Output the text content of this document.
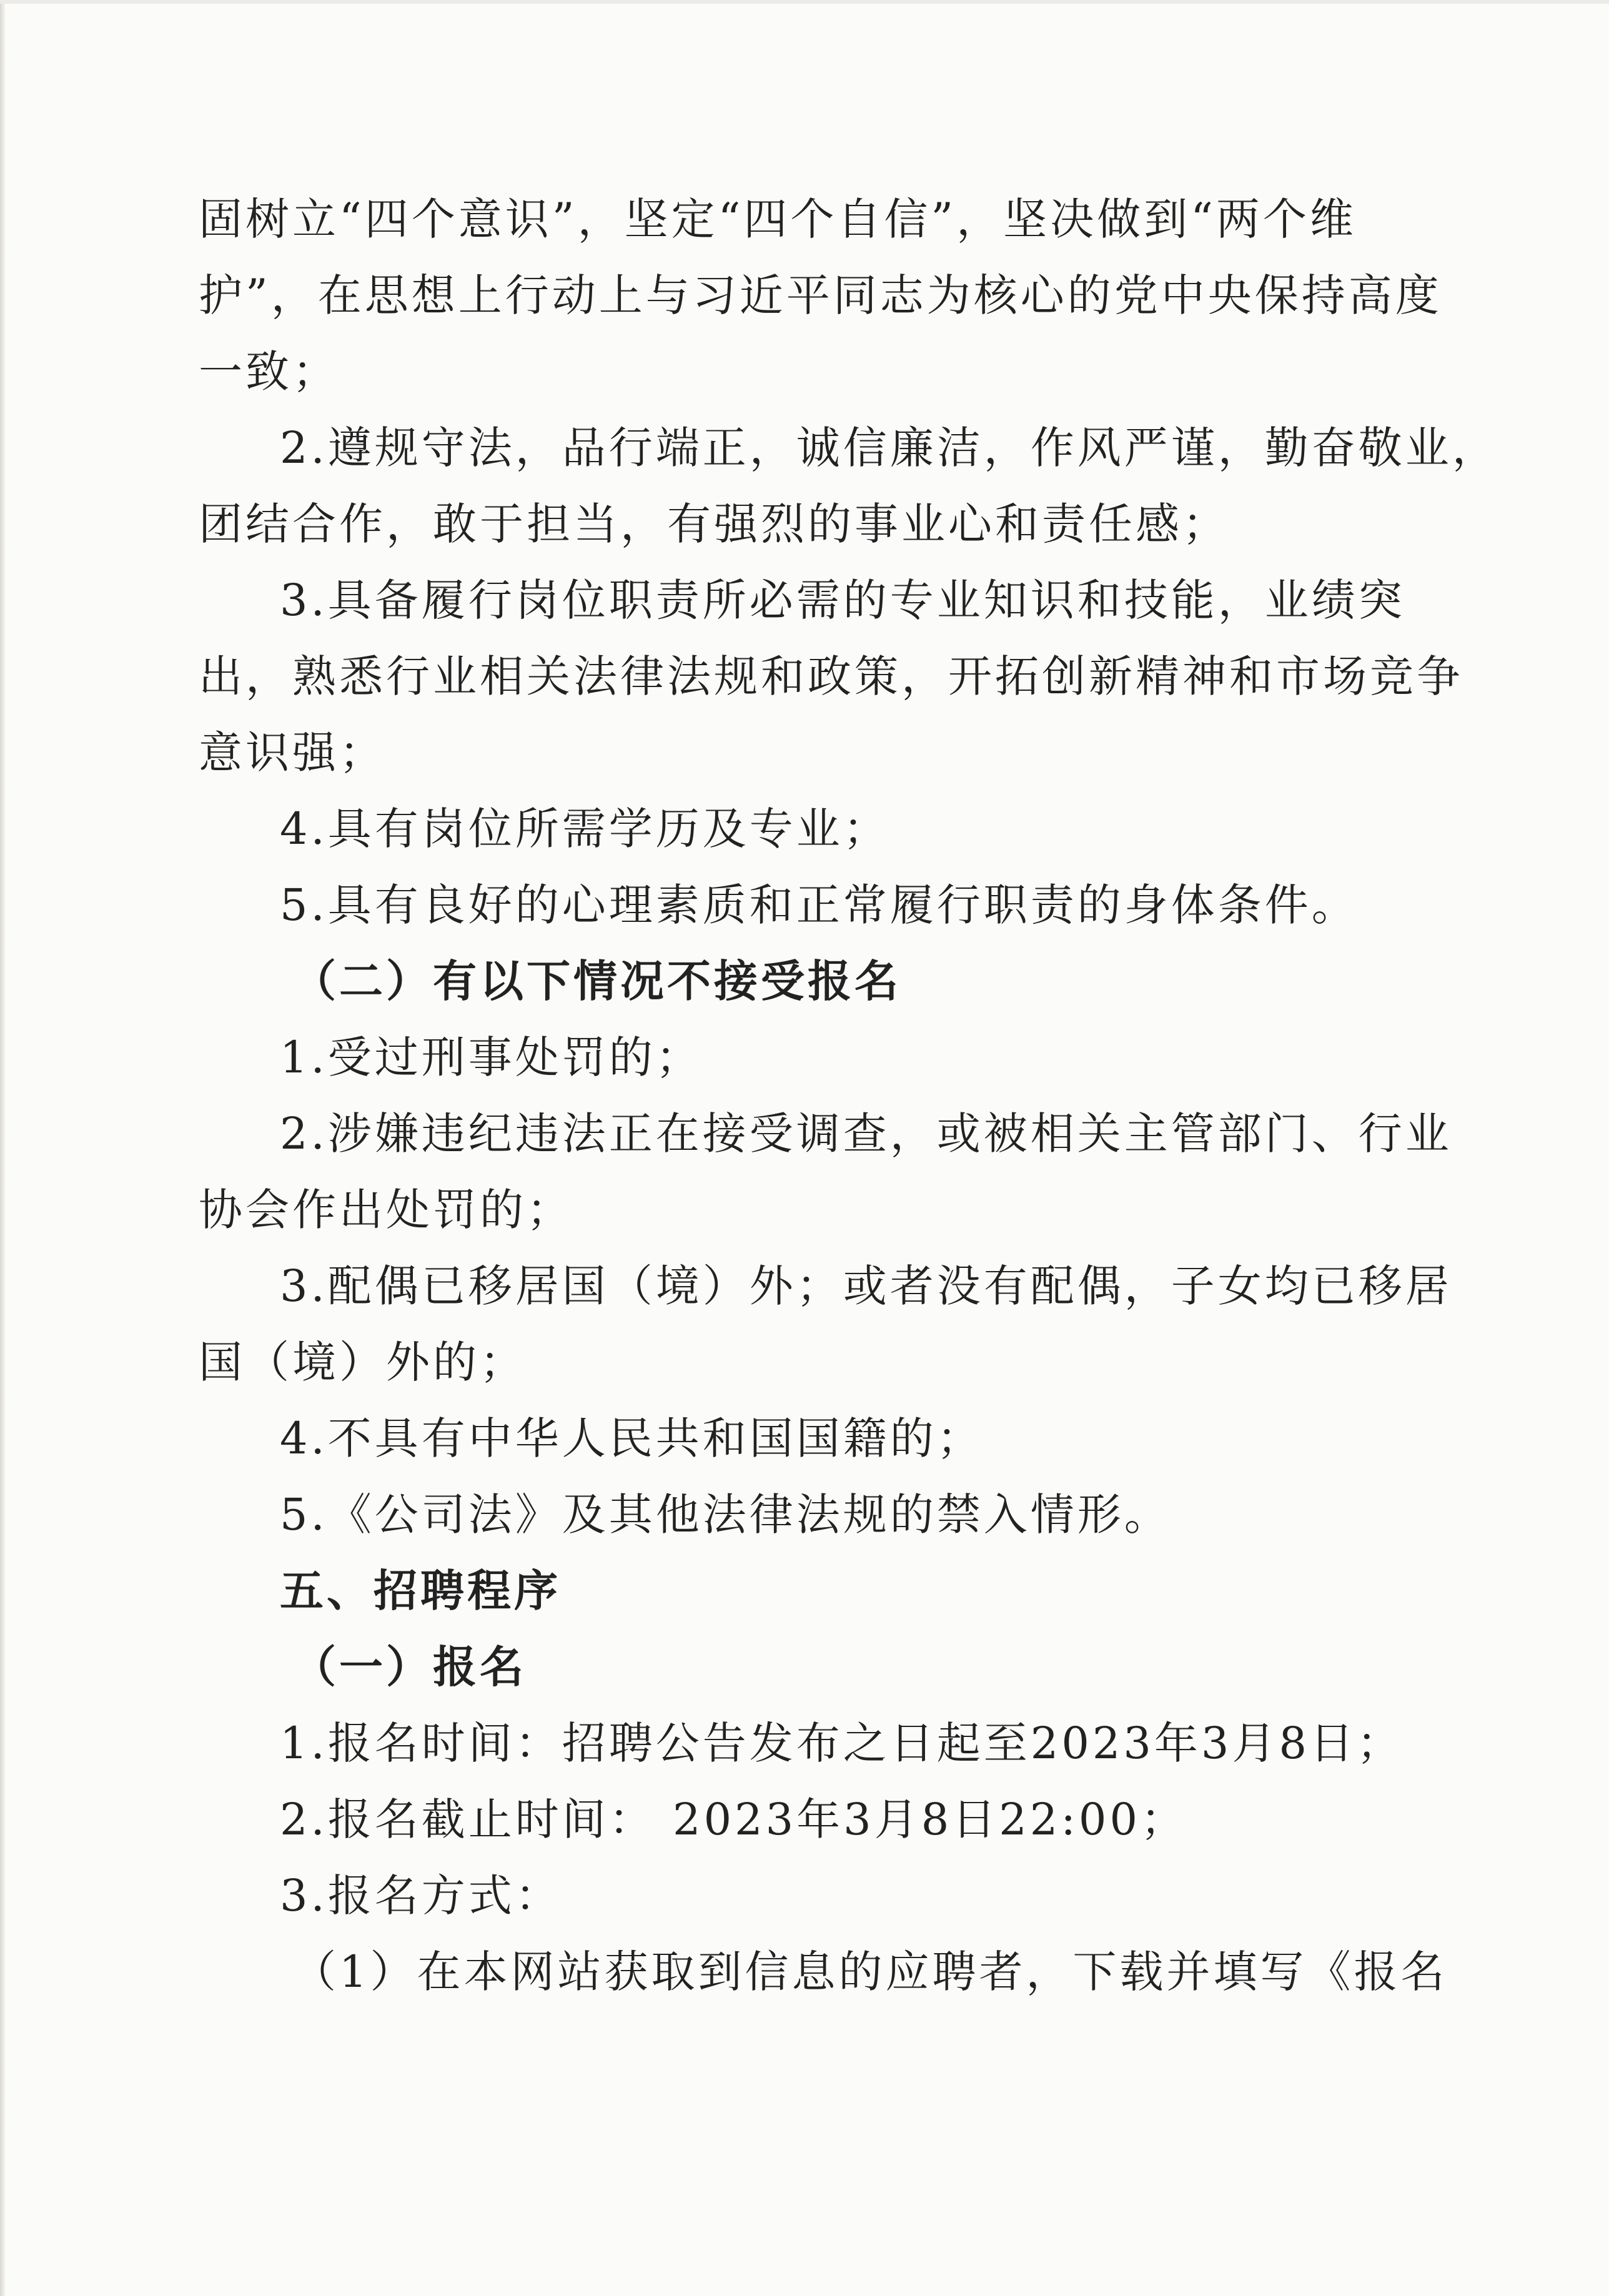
固树立“四个意识”，坚定“四个自信”，坚决做到“两个维
护”，在思想上行动上与习近平同志为核心的党中央保持高度
一致；
2.遵规守法，品行端正，诚信廉洁，作风严谨，勤奋敬业，
团结合作，敢于担当，有强烈的事业心和责任感；
3.具备履行岗位职责所必需的专业知识和技能，业绩突
出，熟悉行业相关法律法规和政策，开拓创新精神和市场竞争
意识强；
4.具有岗位所需学历及专业；
5.具有良好的心理素质和正常履行职责的身体条件。
（二）有以下情况不接受报名
1.受过刑事处罚的；
2.涉嫌违纪违法正在接受调查，或被相关主管部门、行业
协会作出处罚的；
3.配偶已移居国（境）外；或者没有配偶，子女均已移居
国（境）外的；
4.不具有中华人民共和国国籍的；
5.《公司法》及其他法律法规的禁入情形。
五、招聘程序
（一）报名
1.报名时间：招聘公告发布之日起至2023年3月8日；
2.报名截止时间： 2023年3月8日22:00；
3.报名方式：
（1）在本网站获取到信息的应聘者，下载并填写《报名
